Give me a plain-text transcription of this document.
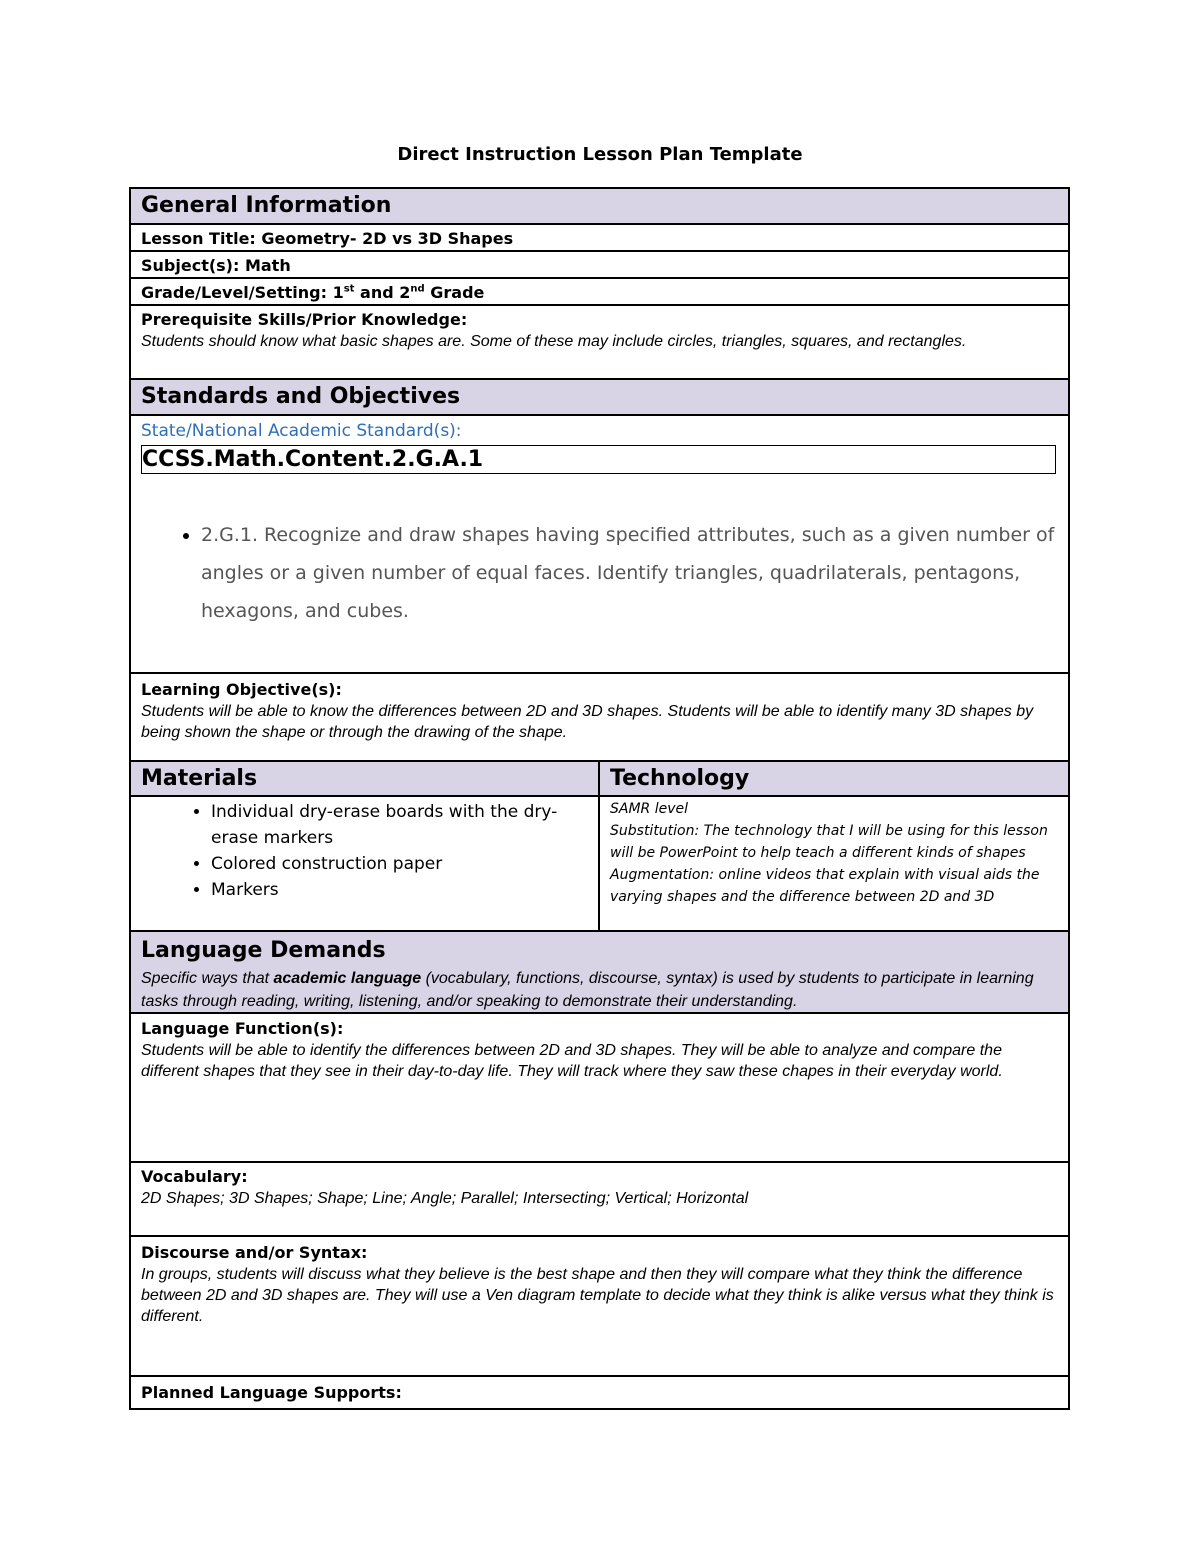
Direct Instruction Lesson Plan Template
General Information
Lesson Title: Geometry- 2D vs 3D Shapes
Subject(s): Math
Grade/Level/Setting: 1st and 2nd Grade
Prerequisite Skills/Prior Knowledge:
Students should know what basic shapes are. Some of these may include circles, triangles, squares, and rectangles.
Standards and Objectives
State/National Academic Standard(s):
CCSS.Math.Content.2.G.A.1
• 2.G.1. Recognize and draw shapes having specified attributes, such as a given number of angles or a given number of equal faces. Identify triangles, quadrilaterals, pentagons, hexagons, and cubes.
Learning Objective(s):
Students will be able to know the differences between 2D and 3D shapes. Students will be able to identify many 3D shapes by being shown the shape or through the drawing of the shape.
Materials	Technology
• Individual dry-erase boards with the dry-erase markers
• Colored construction paper
• Markers
SAMR level
Substitution: The technology that I will be using for this lesson will be PowerPoint to help teach a different kinds of shapes
Augmentation: online videos that explain with visual aids the varying shapes and the difference between 2D and 3D
Language Demands
Specific ways that academic language (vocabulary, functions, discourse, syntax) is used by students to participate in learning tasks through reading, writing, listening, and/or speaking to demonstrate their understanding.
Language Function(s):
Students will be able to identify the differences between 2D and 3D shapes. They will be able to analyze and compare the different shapes that they see in their day-to-day life. They will track where they saw these chapes in their everyday world.
Vocabulary:
2D Shapes; 3D Shapes; Shape; Line; Angle; Parallel; Intersecting; Vertical; Horizontal
Discourse and/or Syntax:
In groups, students will discuss what they believe is the best shape and then they will compare what they think the difference between 2D and 3D shapes are. They will use a Ven diagram template to decide what they think is alike versus what they think is different.
Planned Language Supports:
